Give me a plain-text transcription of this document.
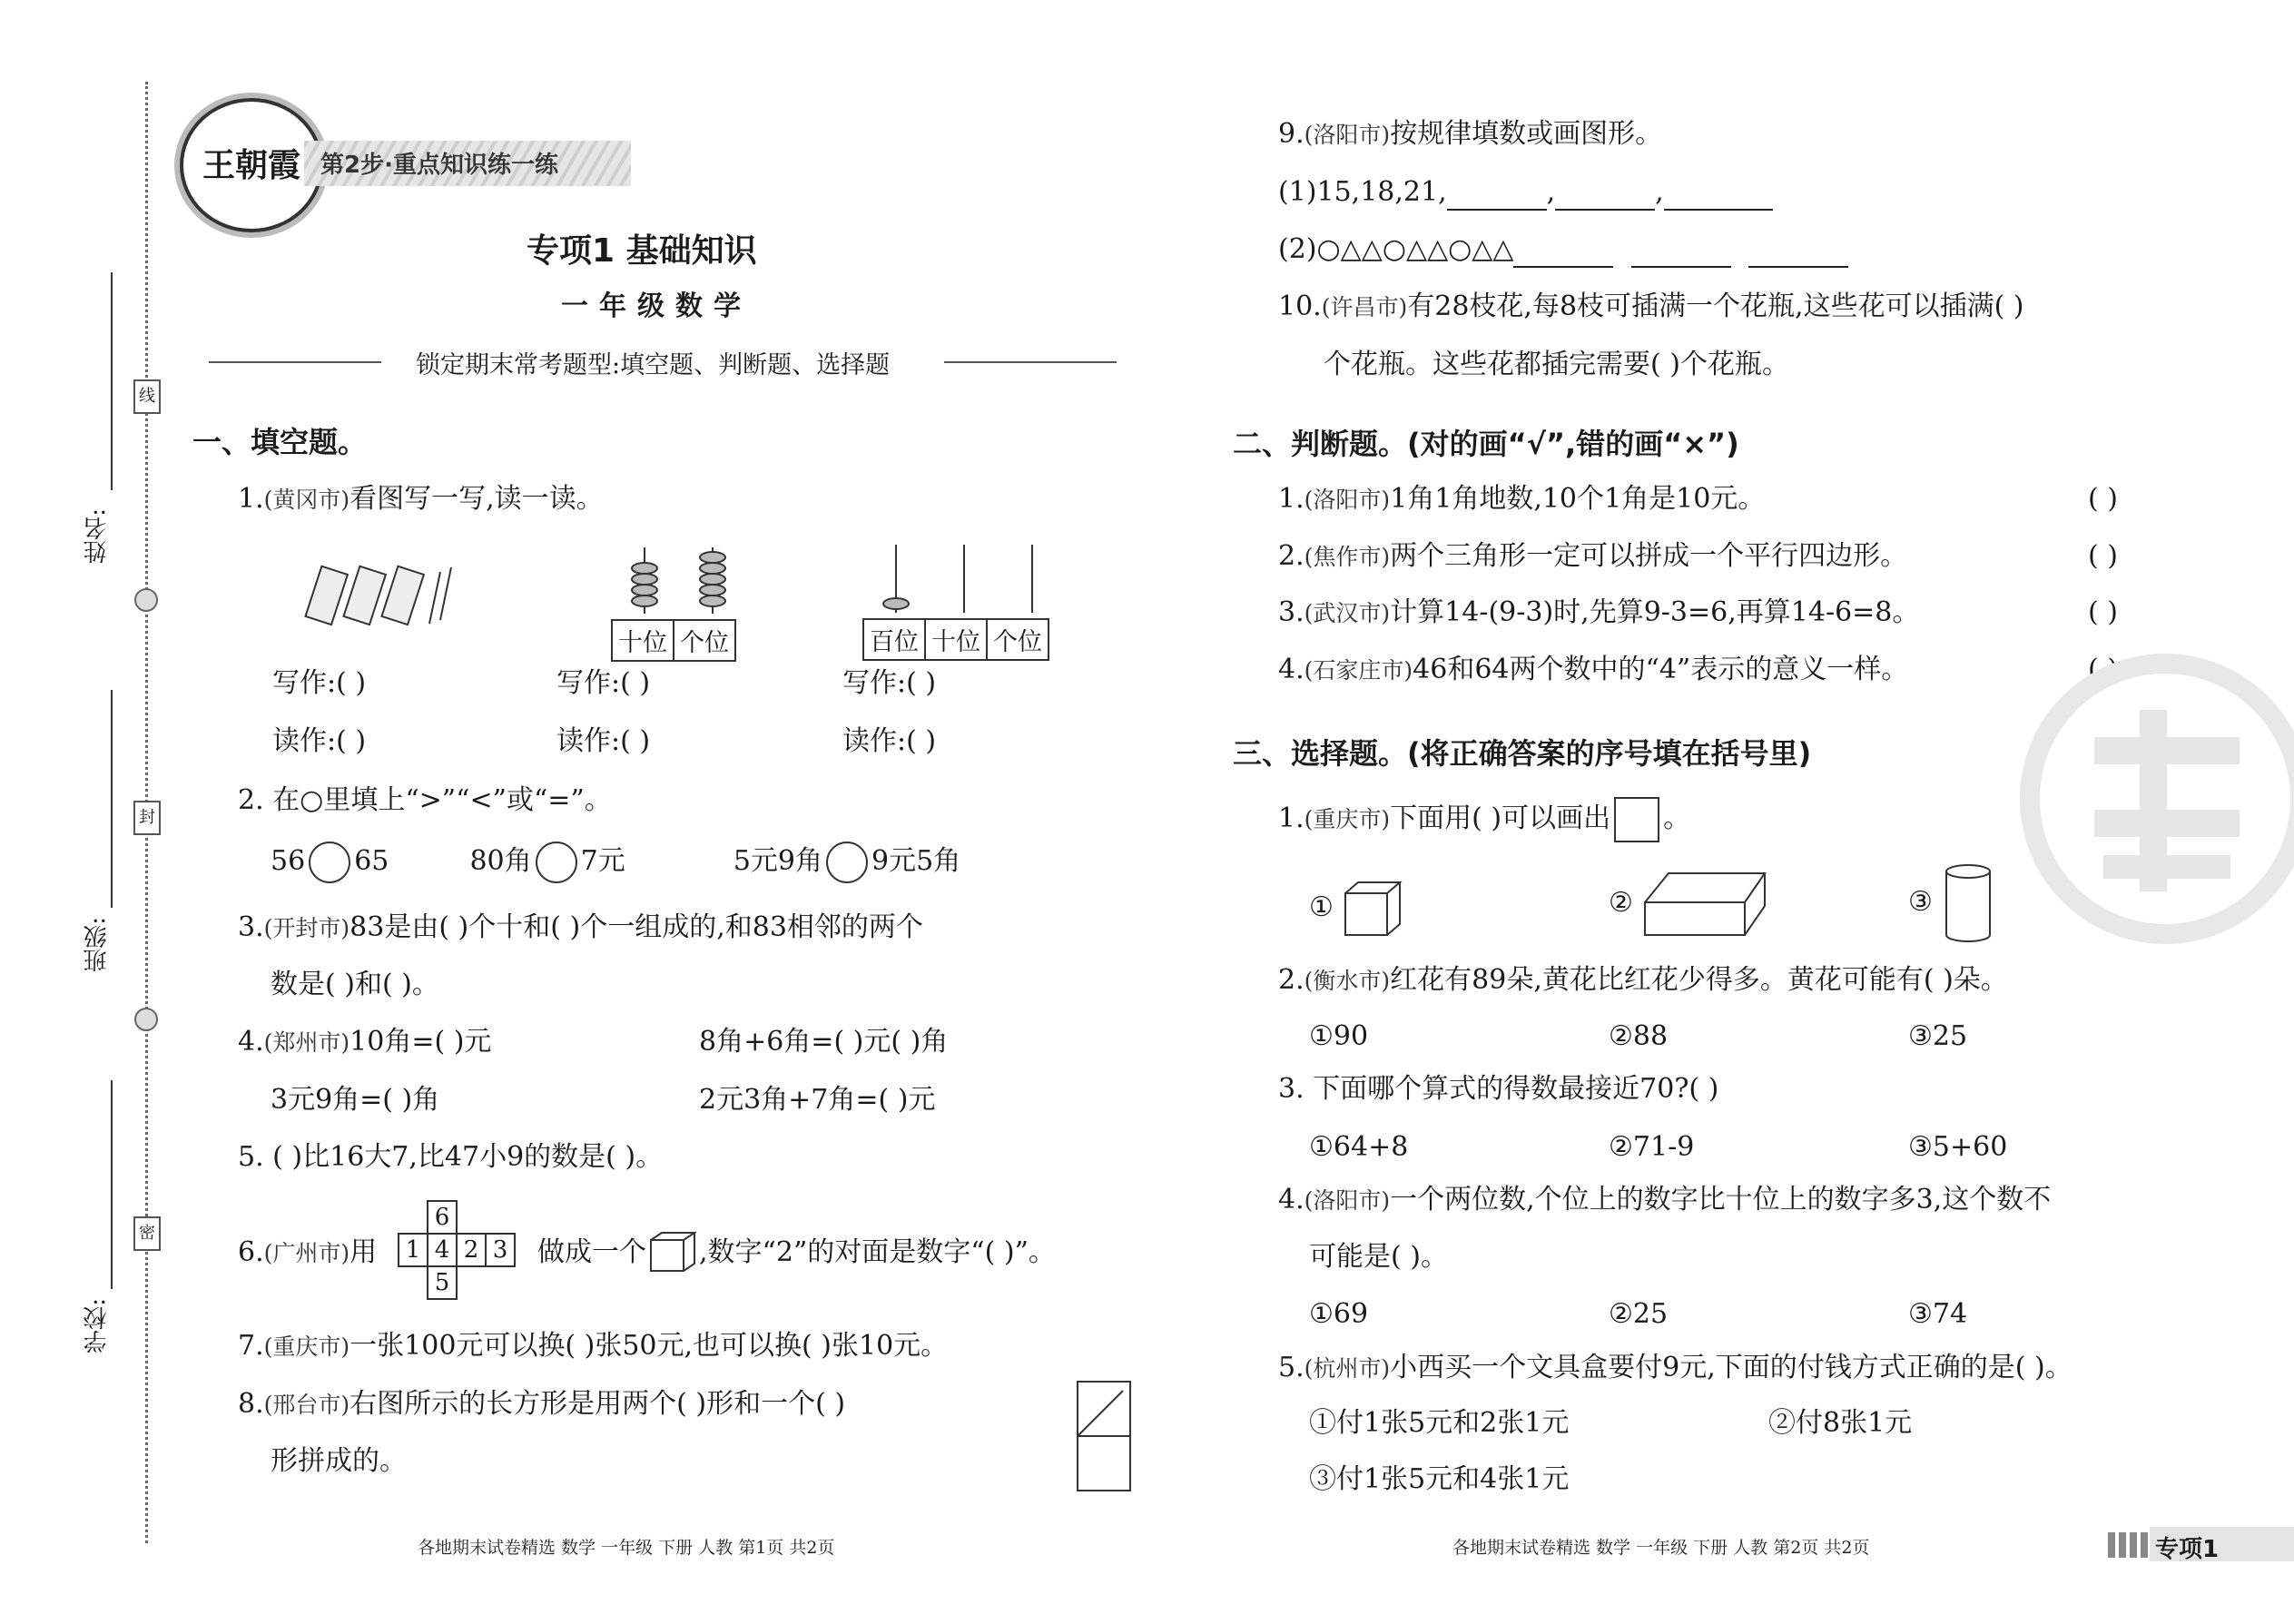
姓名:
班级:
学校:
线
封
密
王朝霞 第2步·重点知识练一练
专项1 基础知识
一年级数学
锁定期末常考题型:填空题、判断题、选择题
一、填空题。
1.(黄冈市)看图写一写,读一读。
十位	个位	百位	十位	个位
写作:( )	写作:( )	写作:( )
读作:( )	读作:( )	读作:( )
2. 在○里填上“>”“<”或“=”。
56 65	80角 7元	5元9角 9元5角
3.(开封市)83是由( )个十和( )个一组成的,和83相邻的两个
数是( )和( )。
4.(郑州市)10角=( )元	8角+6角=( )元( )角
3元9角=( )角	2元3角+7角=( )元
5. ( )比16大7,比47小9的数是( )。
6.(广州市)用
	6		
1	4	2	3
	5		
做成一个 ,数字“2”的对面是数字“( )”。
7.(重庆市)一张100元可以换( )张50元,也可以换( )张10元。
8.(邢台市)右图所示的长方形是用两个( )形和一个( )
形拼成的。
9.(洛阳市)按规律填数或画图形。
(1)15,18,21,	,	,
(2)○△△○△△○△△
10.(许昌市)有28枝花,每8枝可插满一个花瓶,这些花可以插满( )
个花瓶。这些花都插完需要( )个花瓶。
二、判断题。(对的画“√”,错的画“×”)
1.(洛阳市)1角1角地数,10个1角是10元。	( )
2.(焦作市)两个三角形一定可以拼成一个平行四边形。	( )
3.(武汉市)计算14-(9-3)时,先算9-3=6,再算14-6=8。	( )
4.(石家庄市)46和64两个数中的“4”表示的意义一样。	( )
三、选择题。(将正确答案的序号填在括号里)
1.(重庆市)下面用( )可以画出 。
①	②	③
2.(衡水市)红花有89朵,黄花比红花少得多。黄花可能有( )朵。
①90	②88	③25
3. 下面哪个算式的得数最接近70?( )
①64+8	②71-9	③5+60
4.(洛阳市)一个两位数,个位上的数字比十位上的数字多3,这个数不
可能是( )。
①69	②25	③74
5.(杭州市)小西买一个文具盒要付9元,下面的付钱方式正确的是( )。
①付1张5元和2张1元	②付8张1元
③付1张5元和4张1元
各地期末试卷精选 数学 一年级 下册 人教 第1页 共2页	各地期末试卷精选 数学 一年级 下册 人教 第2页 共2页	专项1
